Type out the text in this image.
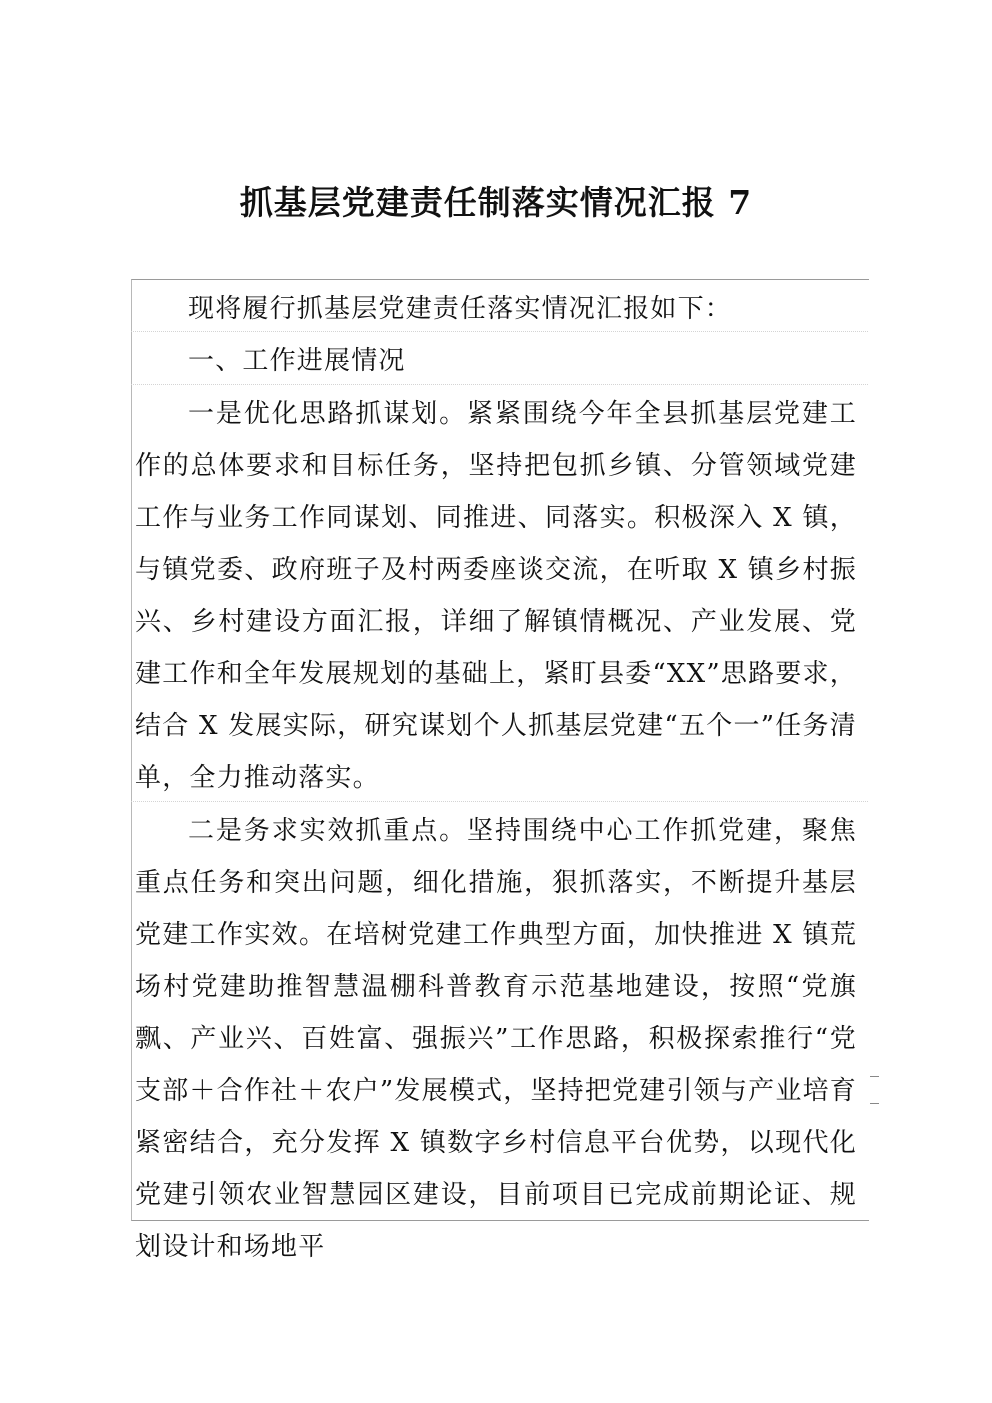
抓基层党建责任制落实情况汇报 7

现将履行抓基层党建责任落实情况汇报如下：

一、工作进展情况

一是优化思路抓谋划。紧紧围绕今年全县抓基层党建工作的总体要求和目标任务，坚持把包抓乡镇、分管领域党建工作与业务工作同谋划、同推进、同落实。积极深入 X 镇，与镇党委、政府班子及村两委座谈交流，在听取 X 镇乡村振兴、乡村建设方面汇报，详细了解镇情概况、产业发展、党建工作和全年发展规划的基础上，紧盯县委“XX”思路要求，结合 X 发展实际，研究谋划个人抓基层党建“五个一”任务清单，全力推动落实。

二是务求实效抓重点。坚持围绕中心工作抓党建，聚焦重点任务和突出问题，细化措施，狠抓落实，不断提升基层党建工作实效。在培树党建工作典型方面，加快推进 X 镇荒场村党建助推智慧温棚科普教育示范基地建设，按照“党旗飘、产业兴、百姓富、强振兴”工作思路，积极探索推行“党支部＋合作社＋农户”发展模式，坚持把党建引领与产业培育紧密结合，充分发挥 X 镇数字乡村信息平台优势，以现代化党建引领农业智慧园区建设，目前项目已完成前期论证、规划设计和场地平
